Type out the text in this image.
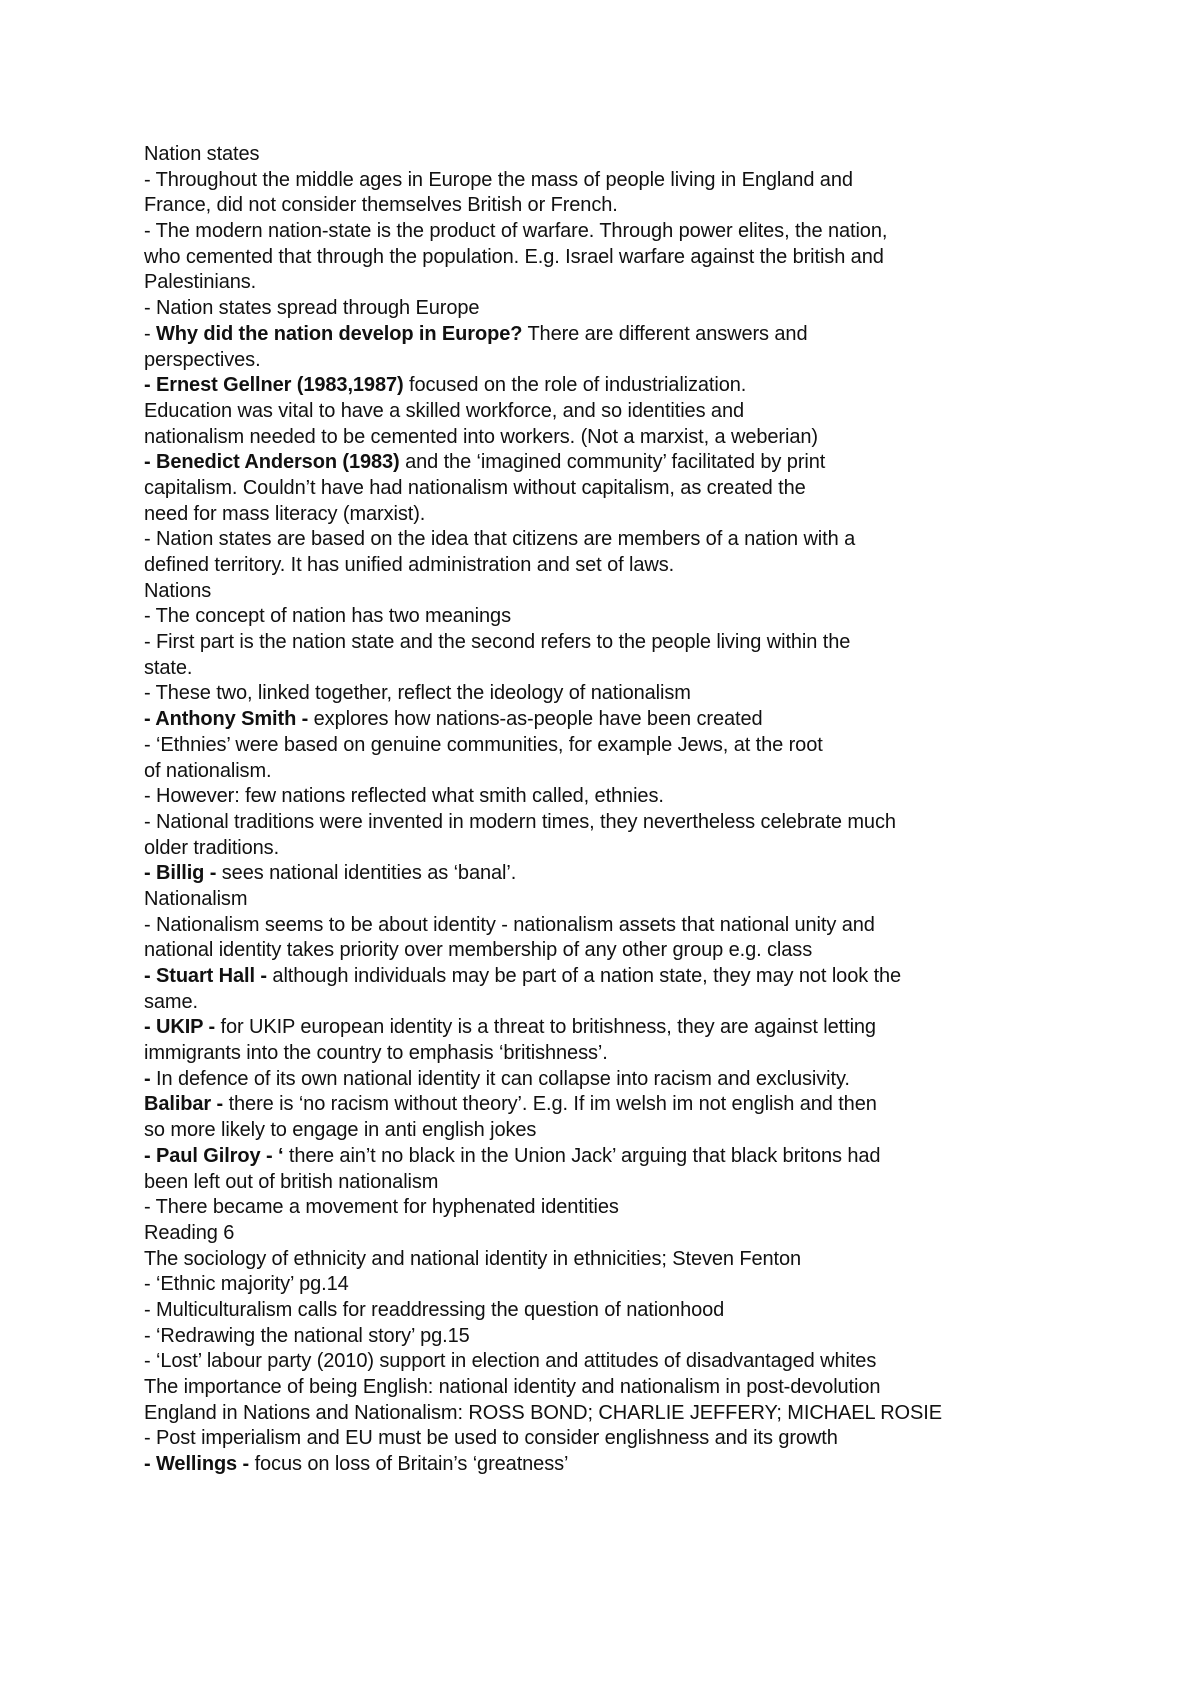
Nation states
- Throughout the middle ages in Europe the mass of people living in England and
France, did not consider themselves British or French.
- The modern nation-state is the product of warfare. Through power elites, the nation,
who cemented that through the population. E.g. Israel warfare against the british and
Palestinians.
- Nation states spread through Europe
- Why did the nation develop in Europe? There are different answers and
perspectives.
- Ernest Gellner (1983,1987) focused on the role of industrialization.
Education was vital to have a skilled workforce, and so identities and
nationalism needed to be cemented into workers. (Not a marxist, a weberian)
- Benedict Anderson (1983) and the ‘imagined community’ facilitated by print
capitalism. Couldn’t have had nationalism without capitalism, as created the
need for mass literacy (marxist).
- Nation states are based on the idea that citizens are members of a nation with a
defined territory. It has unified administration and set of laws.
Nations
- The concept of nation has two meanings
- First part is the nation state and the second refers to the people living within the
state.
- These two, linked together, reflect the ideology of nationalism
- Anthony Smith - explores how nations-as-people have been created
- ‘Ethnies’ were based on genuine communities, for example Jews, at the root
of nationalism.
- However: few nations reflected what smith called, ethnies.
- National traditions were invented in modern times, they nevertheless celebrate much
older traditions.
- Billig - sees national identities as ‘banal’.
Nationalism
- Nationalism seems to be about identity - nationalism assets that national unity and
national identity takes priority over membership of any other group e.g. class
- Stuart Hall - although individuals may be part of a nation state, they may not look the
same.
- UKIP - for UKIP european identity is a threat to britishness, they are against letting
immigrants into the country to emphasis ‘britishness’.
- In defence of its own national identity it can collapse into racism and exclusivity.
Balibar - there is ‘no racism without theory’. E.g. If im welsh im not english and then
so more likely to engage in anti english jokes
- Paul Gilroy - ‘ there ain’t no black in the Union Jack’ arguing that black britons had
been left out of british nationalism
- There became a movement for hyphenated identities
Reading 6
The sociology of ethnicity and national identity in ethnicities; Steven Fenton
- ‘Ethnic majority’ pg.14
- Multiculturalism calls for readdressing the question of nationhood
- ‘Redrawing the national story’ pg.15
- ‘Lost’ labour party (2010) support in election and attitudes of disadvantaged whites
The importance of being English: national identity and nationalism in post-devolution
England in Nations and Nationalism: ROSS BOND; CHARLIE JEFFERY; MICHAEL ROSIE
- Post imperialism and EU must be used to consider englishness and its growth
- Wellings - focus on loss of Britain’s ‘greatness’
